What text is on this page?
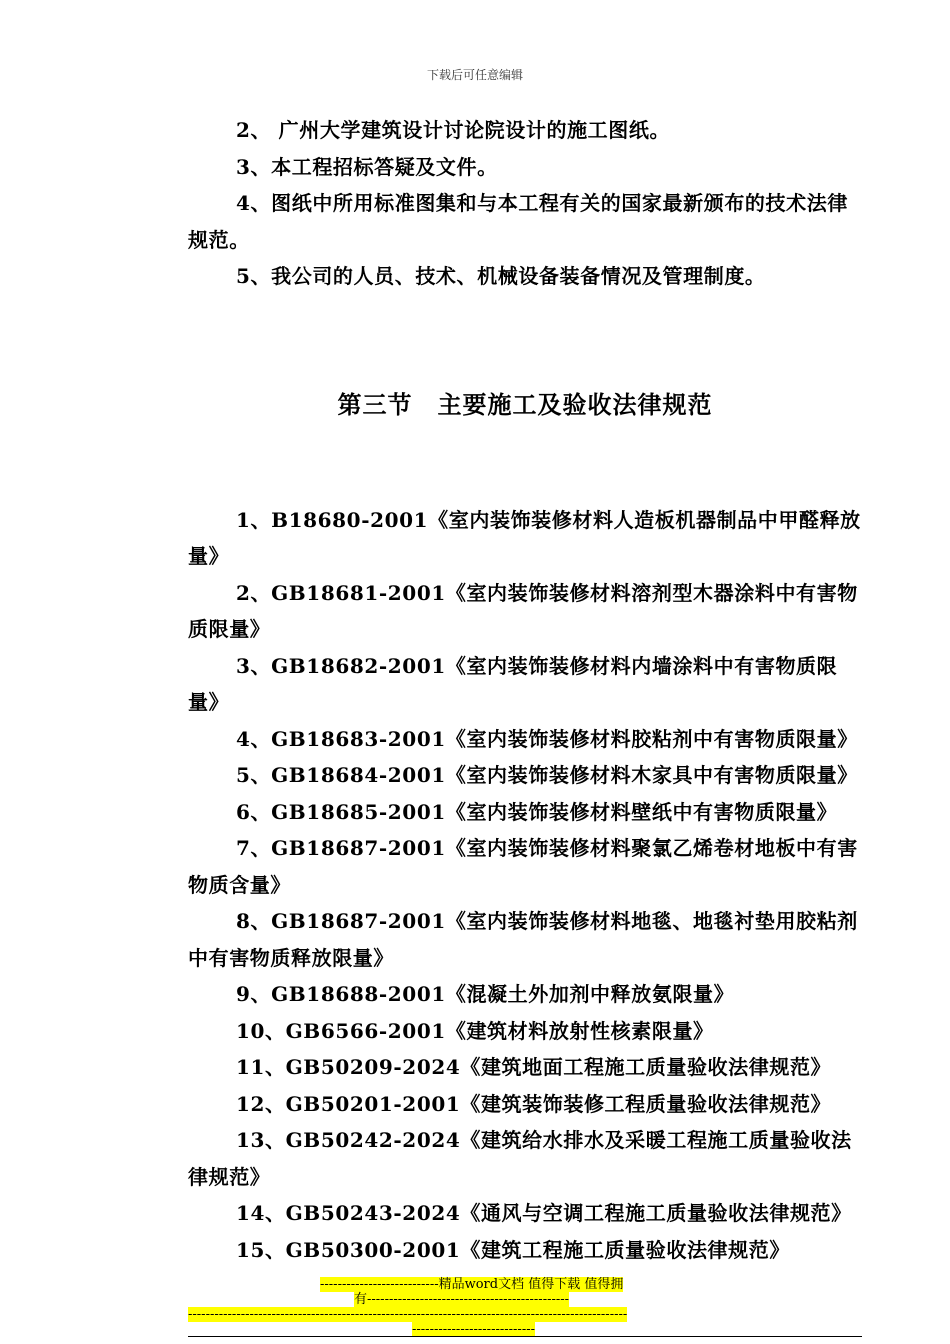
下载后可任意编辑

2、 广州大学建筑设计讨论院设计的施工图纸。

3、本工程招标答疑及文件。

4、图纸中所用标准图集和与本工程有关的国家最新颁布的技术法律规范。

5、我公司的人员、技术、机械设备装备情况及管理制度。

第三节　主要施工及验收法律规范

1、B18680-2001《室内装饰装修材料人造板机器制品中甲醛释放量》

2、GB18681-2001《室内装饰装修材料溶剂型木器涂料中有害物质限量》

3、GB18682-2001《室内装饰装修材料内墙涂料中有害物质限量》

4、GB18683-2001《室内装饰装修材料胶粘剂中有害物质限量》

5、GB18684-2001《室内装饰装修材料木家具中有害物质限量》

6、GB18685-2001《室内装饰装修材料壁纸中有害物质限量》

7、GB18687-2001《室内装饰装修材料聚氯乙烯卷材地板中有害物质含量》

8、GB18687-2001《室内装饰装修材料地毯、地毯衬垫用胶粘剂中有害物质释放限量》

9、GB18688-2001《混凝土外加剂中释放氨限量》

10、GB6566-2001《建筑材料放射性核素限量》

11、GB50209-2024《建筑地面工程施工质量验收法律规范》

12、GB50201-2001《建筑装饰装修工程质量验收法律规范》

13、GB50242-2024《建筑给水排水及采暖工程施工质量验收法律规范》

14、GB50243-2024《通风与空调工程施工质量验收法律规范》

15、GB50300-2001《建筑工程施工质量验收法律规范》

---------------------------精品word文档 值得下载 值得拥
有----------------------------------------------
----------------------------------------------------------------------------------------------------
----------------------------
